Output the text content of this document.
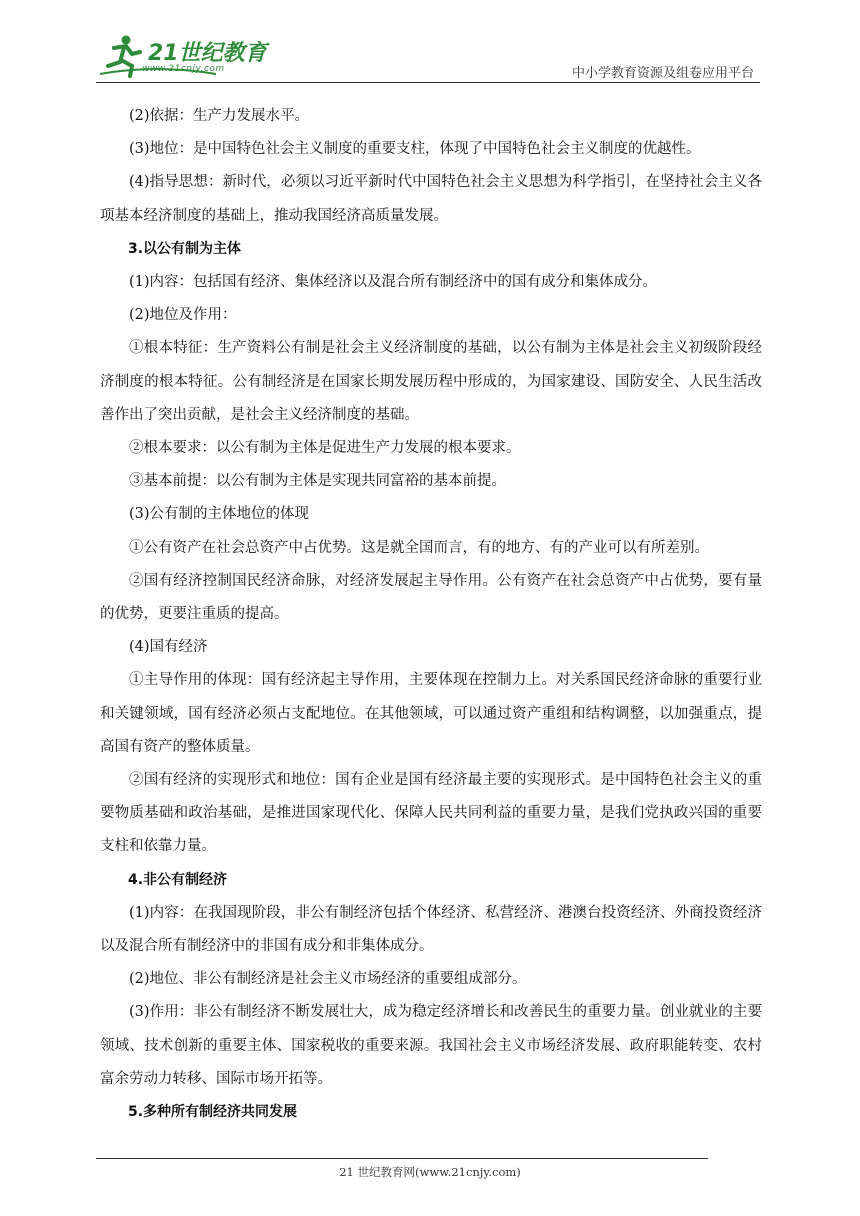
21世纪教育
www.21cnjy.com	中小学教育资源及组卷应用平台

(2)依据：生产力发展水平。

(3)地位：是中国特色社会主义制度的重要支柱，体现了中国特色社会主义制度的优越性。

(4)指导思想：新时代，必须以习近平新时代中国特色社会主义思想为科学指引，在坚持社会主义各项基本经济制度的基础上，推动我国经济高质量发展。

3.以公有制为主体

(1)内容：包括国有经济、集体经济以及混合所有制经济中的国有成分和集体成分。

(2)地位及作用：

①根本特征：生产资料公有制是社会主义经济制度的基础，以公有制为主体是社会主义初级阶段经济制度的根本特征。公有制经济是在国家长期发展历程中形成的，为国家建设、国防安全、人民生活改善作出了突出贡献，是社会主义经济制度的基础。

②根本要求：以公有制为主体是促进生产力发展的根本要求。

③基本前提：以公有制为主体是实现共同富裕的基本前提。

(3)公有制的主体地位的体现

①公有资产在社会总资产中占优势。这是就全国而言，有的地方、有的产业可以有所差别。

②国有经济控制国民经济命脉，对经济发展起主导作用。公有资产在社会总资产中占优势，要有量的优势，更要注重质的提高。

(4)国有经济

①主导作用的体现：国有经济起主导作用，主要体现在控制力上。对关系国民经济命脉的重要行业和关键领域，国有经济必须占支配地位。在其他领域，可以通过资产重组和结构调整，以加强重点，提高国有资产的整体质量。

②国有经济的实现形式和地位：国有企业是国有经济最主要的实现形式。是中国特色社会主义的重要物质基础和政治基础，是推进国家现代化、保障人民共同利益的重要力量，是我们党执政兴国的重要支柱和依靠力量。

4.非公有制经济

(1)内容：在我国现阶段，非公有制经济包括个体经济、私营经济、港澳台投资经济、外商投资经济以及混合所有制经济中的非国有成分和非集体成分。

(2)地位、非公有制经济是社会主义市场经济的重要组成部分。

(3)作用：非公有制经济不断发展壮大，成为稳定经济增长和改善民生的重要力量。创业就业的主要领域、技术创新的重要主体、国家税收的重要来源。我国社会主义市场经济发展、政府职能转变、农村富余劳动力转移、国际市场开拓等。

5.多种所有制经济共同发展

21 世纪教育网(www.21cnjy.com)
